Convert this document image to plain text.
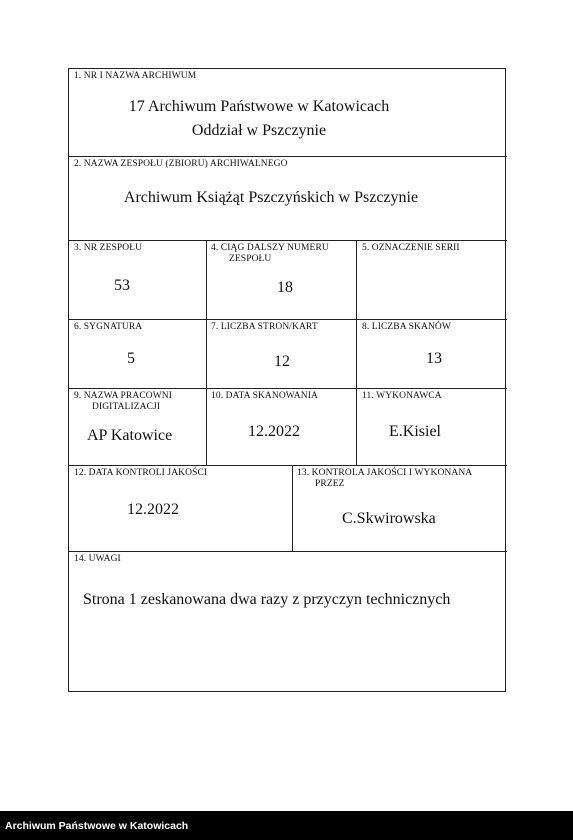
1. NR I NAZWA ARCHIWUM
17 Archiwum Państwowe w Katowicach
Oddział w Pszczynie
2. NAZWA ZESPOŁU (ZBIORU) ARCHIWALNEGO
Archiwum Książąt Pszczyńskich w Pszczynie
3. NR ZESPOŁU
53
4. CIĄG DALSZY NUMERU
ZESPOŁU
18
5. OZNACZENIE SERII
6. SYGNATURA
5
7. LICZBA STRON/KART
12
8. LICZBA SKANÓW
13
9. NAZWA PRACOWNI
DIGITALIZACJI
AP Katowice
10. DATA SKANOWANIA
12.2022
11. WYKONAWCA
E.Kisiel
12. DATA KONTROLI JAKOŚCI
12.2022
13. KONTROLA JAKOŚCI I WYKONANA
PRZEZ
C.Skwirowska
14. UWAGI
Strona 1 zeskanowana dwa razy z przyczyn technicznych
Archiwum Państwowe w Katowicach
